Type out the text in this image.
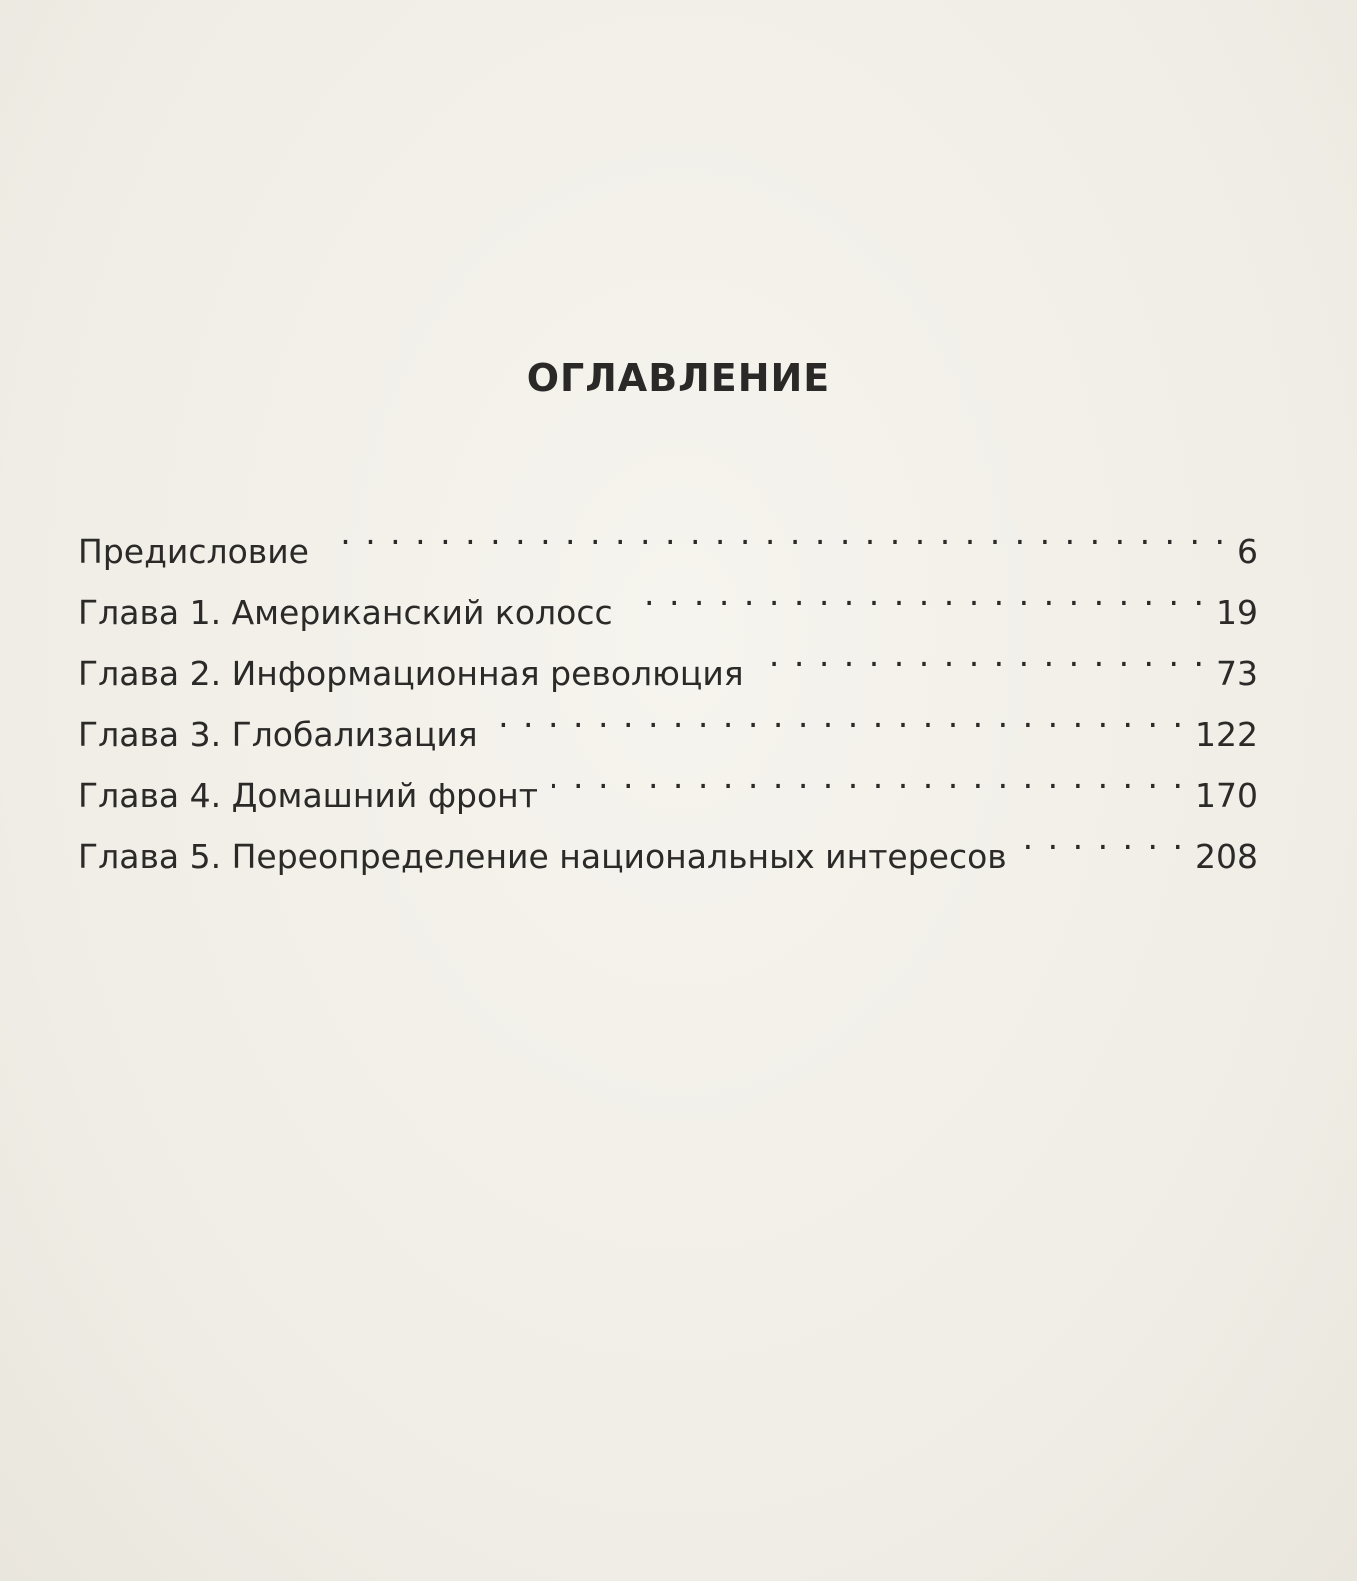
ОГЛАВЛЕНИЕ
Предисловие . . .	6
Глава 1. Американский колосс . . .	19
Глава 2. Информационная революция . . .	73
Глава 3. Глобализация . . .	122
Глава 4. Домашний фронт . . .	170
Глава 5. Переопределение национальных интересов . . .	208
